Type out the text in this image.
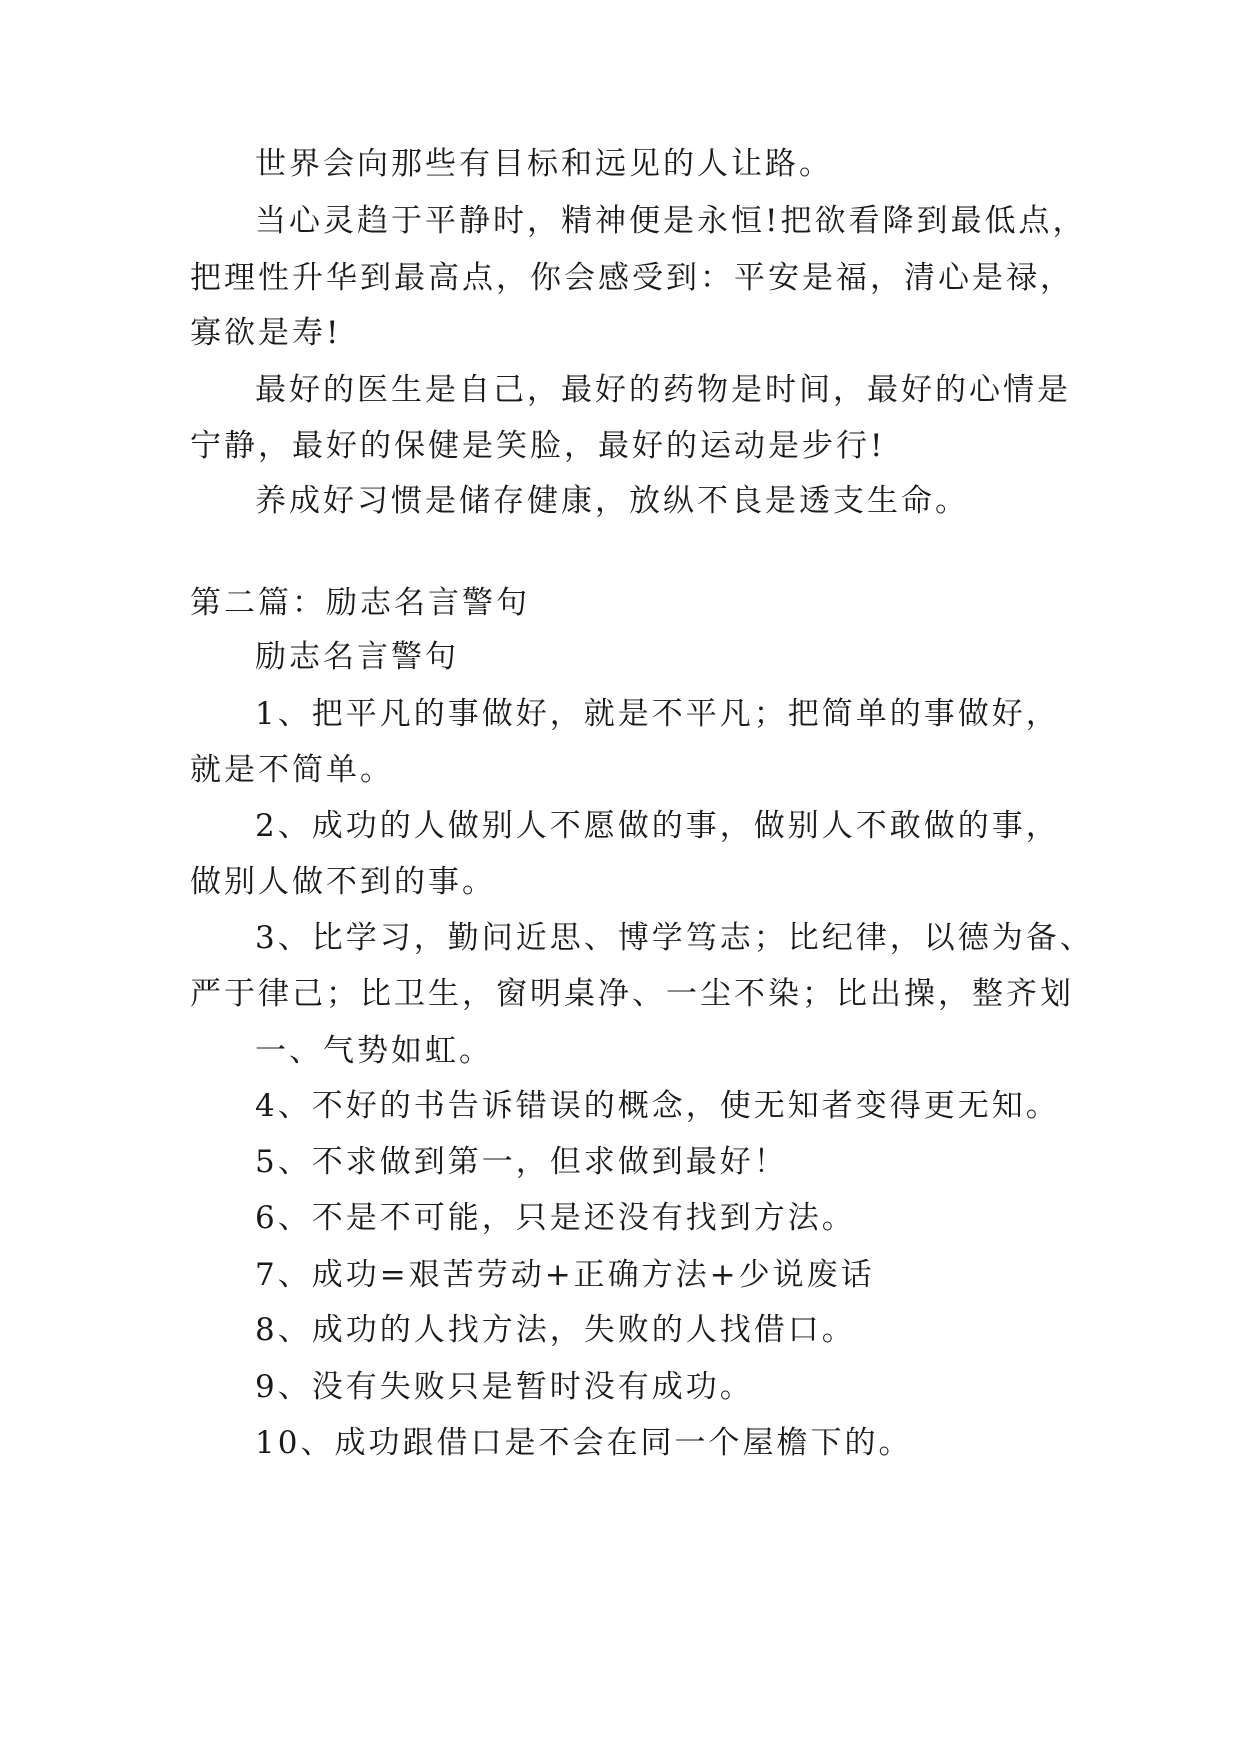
世界会向那些有目标和远见的人让路。
当心灵趋于平静时，精神便是永恒!把欲看降到最低点，
把理性升华到最高点，你会感受到：平安是福，清心是禄，
寡欲是寿!
最好的医生是自己，最好的药物是时间，最好的心情是
宁静，最好的保健是笑脸，最好的运动是步行!
养成好习惯是储存健康，放纵不良是透支生命。
第二篇：励志名言警句
励志名言警句
1、把平凡的事做好，就是不平凡；把简单的事做好，
就是不简单。
2、成功的人做别人不愿做的事，做别人不敢做的事，
做别人做不到的事。
3、比学习，勤问近思、博学笃志；比纪律，以德为备、
严于律己；比卫生，窗明桌净、一尘不染；比出操，整齐划
一、气势如虹。
4、不好的书告诉错误的概念，使无知者变得更无知。
5、不求做到第一，但求做到最好！
6、不是不可能，只是还没有找到方法。
7、成功=艰苦劳动+正确方法+少说废话
8、成功的人找方法，失败的人找借口。
9、没有失败只是暂时没有成功。
10、成功跟借口是不会在同一个屋檐下的。
